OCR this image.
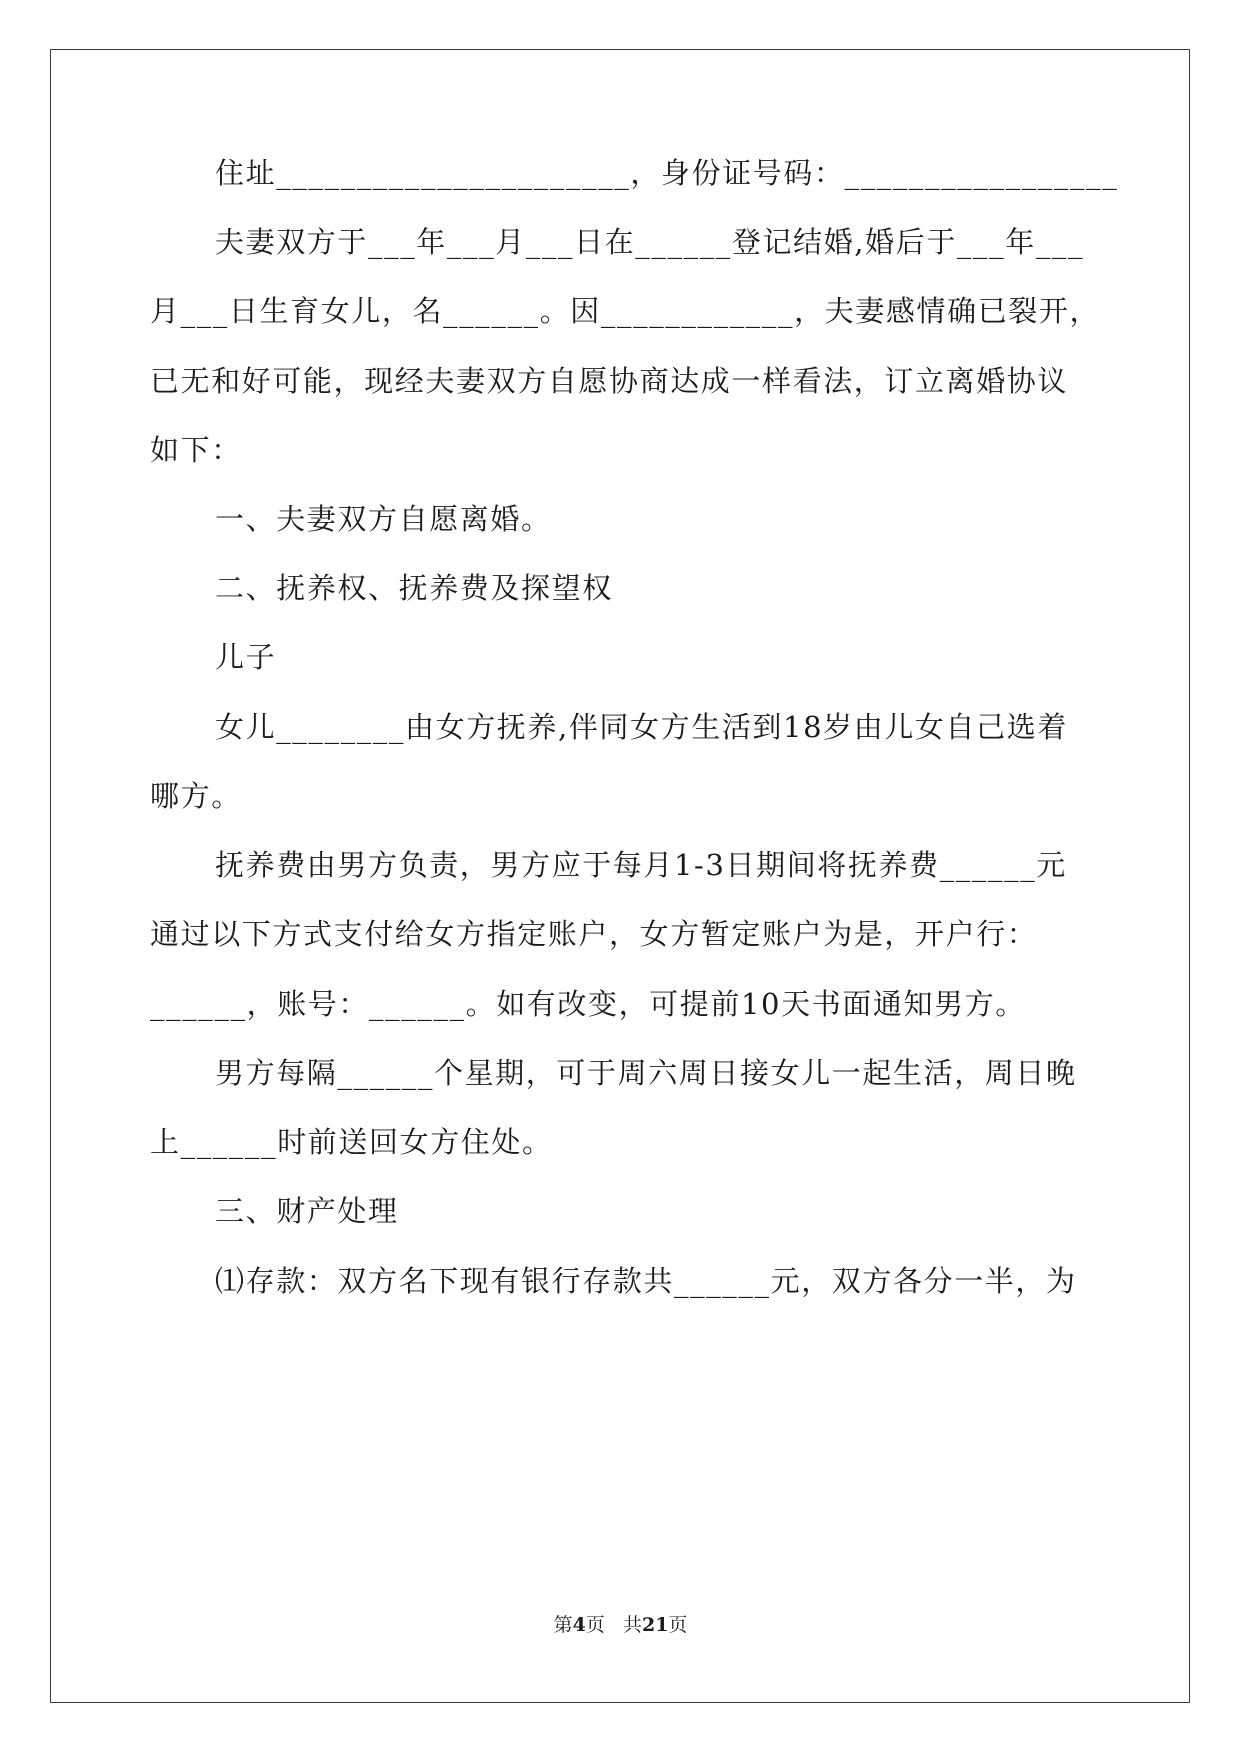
住址______________________，身份证号码：_________________
夫妻双方于___年___月___日在______登记结婚,婚后于___年___
月___日生育女儿，名______。因____________，夫妻感情确已裂开，
已无和好可能，现经夫妻双方自愿协商达成一样看法，订立离婚协议
如下：
一、夫妻双方自愿离婚。
二、抚养权、抚养费及探望权
儿子
女儿________由女方抚养,伴同女方生活到18岁由儿女自己选着
哪方。
抚养费由男方负责，男方应于每月1-3日期间将抚养费______元
通过以下方式支付给女方指定账户，女方暂定账户为是，开户行：
______，账号：______。如有改变，可提前10天书面通知男方。
男方每隔______个星期，可于周六周日接女儿一起生活，周日晚
上______时前送回女方住处。
三、财产处理
⑴存款：双方名下现有银行存款共______元，双方各分一半，为
第4页 共21页
